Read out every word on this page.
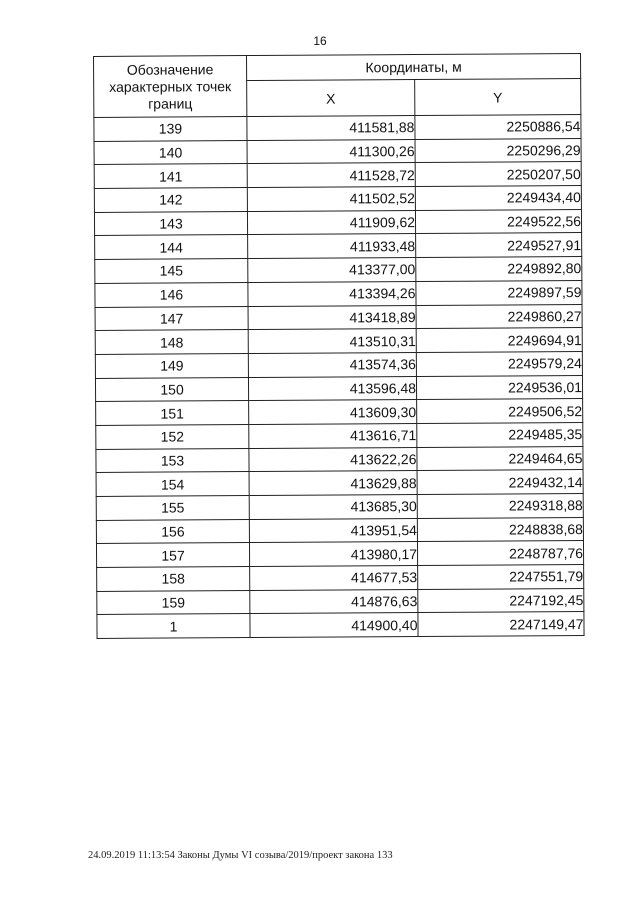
16
Обозначение характерных точек границ	Координаты, м	
	X	Y
139	411581,88	2250886,54
140	411300,26	2250296,29
141	411528,72	2250207,50
142	411502,52	2249434,40
143	411909,62	2249522,56
144	411933,48	2249527,91
145	413377,00	2249892,80
146	413394,26	2249897,59
147	413418,89	2249860,27
148	413510,31	2249694,91
149	413574,36	2249579,24
150	413596,48	2249536,01
151	413609,30	2249506,52
152	413616,71	2249485,35
153	413622,26	2249464,65
154	413629,88	2249432,14
155	413685,30	2249318,88
156	413951,54	2248838,68
157	413980,17	2248787,76
158	414677,53	2247551,79
159	414876,63	2247192,45
1	414900,40	2247149,47
24.09.2019 11:13:54 Законы Думы VI созыва/2019/проект закона 133
